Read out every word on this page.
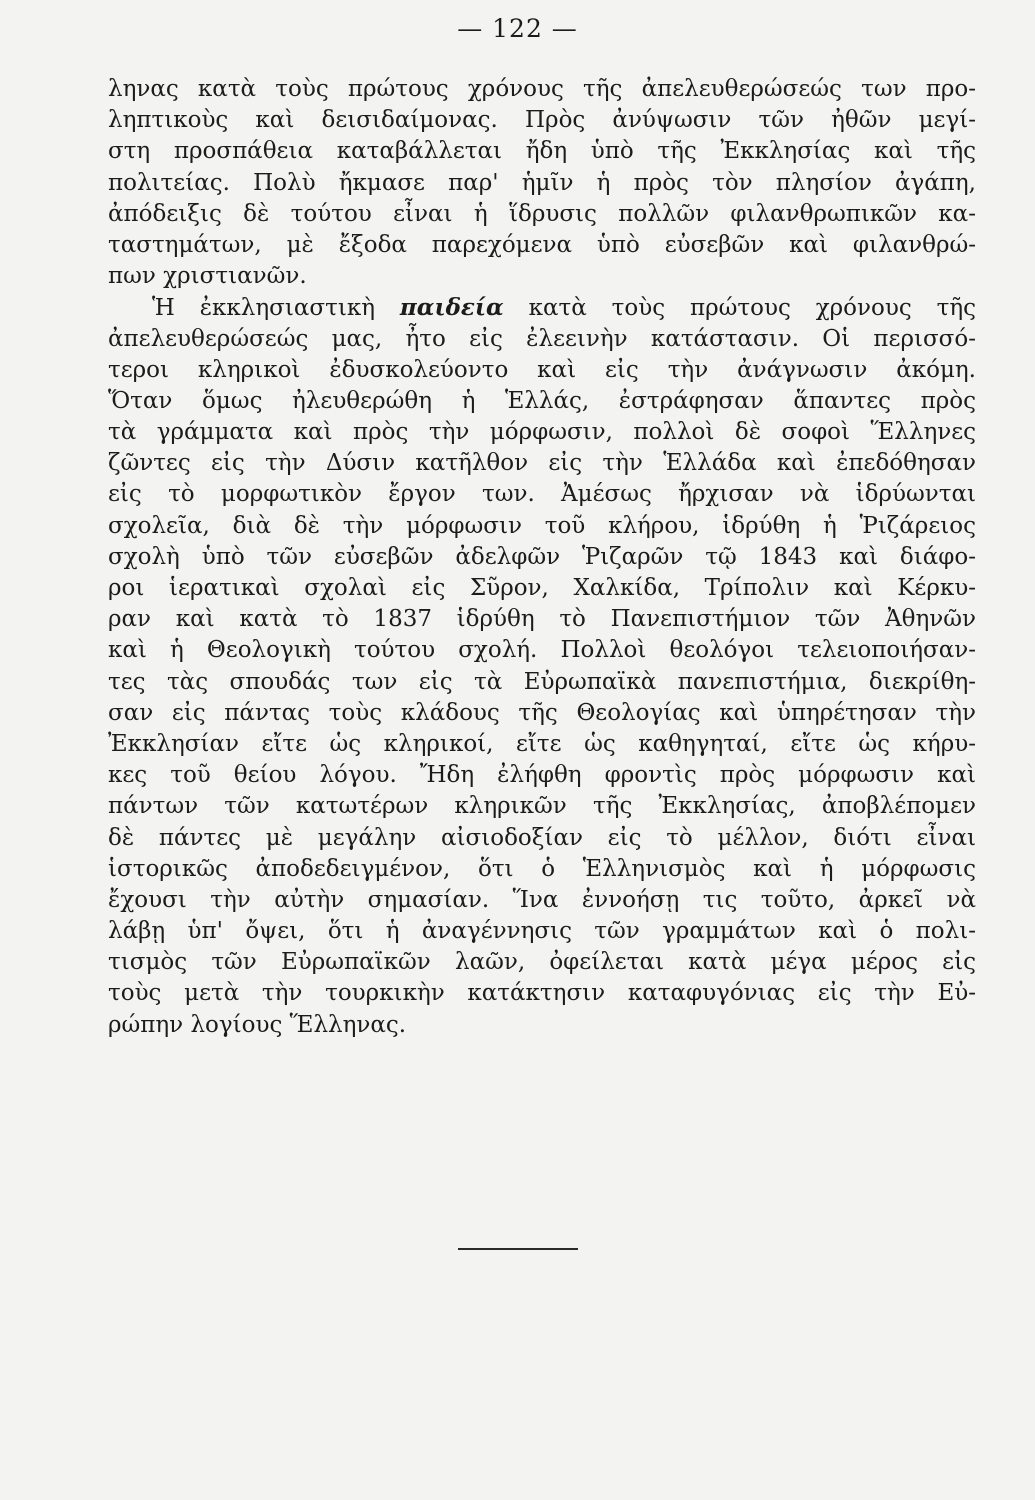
— 122 —
ληνας κατὰ τοὺς πρώτους χρόνους τῆς ἀπελευθερώσεώς των προ-
ληπτικοὺς καὶ δεισιδαίμονας. Πρὸς ἀνύψωσιν τῶν ἠθῶν μεγί-
στη προσπάθεια καταβάλλεται ἤδη ὑπὸ τῆς Ἐκκλησίας καὶ τῆς
πολιτείας. Πολὺ ἤκμασε παρ' ἡμῖν ἡ πρὸς τὸν πλησίον ἀγάπη,
ἀπόδειξις δὲ τούτου εἶναι ἡ ἵδρυσις πολλῶν φιλανθρωπικῶν κα-
ταστημάτων, μὲ ἔξοδα παρεχόμενα ὑπὸ εὐσεβῶν καὶ φιλανθρώ-
πων χριστιανῶν.
Ἡ ἐκκλησιαστικὴ παιδεία κατὰ τοὺς πρώτους χρόνους τῆς
ἀπελευθερώσεώς μας, ἦτο εἰς ἐλεεινὴν κατάστασιν. Οἱ περισσό-
τεροι κληρικοὶ ἐδυσκολεύοντο καὶ εἰς τὴν ἀνάγνωσιν ἀκόμη.
Ὅταν ὅμως ἠλευθερώθη ἡ Ἑλλάς, ἐστράφησαν ἅπαντες πρὸς
τὰ γράμματα καὶ πρὸς τὴν μόρφωσιν, πολλοὶ δὲ σοφοὶ Ἕλληνες
ζῶντες εἰς τὴν Δύσιν κατῆλθον εἰς τὴν Ἑλλάδα καὶ ἐπεδόθησαν
εἰς τὸ μορφωτικὸν ἔργον των. Ἀμέσως ἤρχισαν νὰ ἱδρύωνται
σχολεῖα, διὰ δὲ τὴν μόρφωσιν τοῦ κλήρου, ἱδρύθη ἡ Ῥιζάρειος
σχολὴ ὑπὸ τῶν εὐσεβῶν ἀδελφῶν Ῥιζαρῶν τῷ 1843 καὶ διάφο-
ροι ἱερατικαὶ σχολαὶ εἰς Σῦρον, Χαλκίδα, Τρίπολιν καὶ Κέρκυ-
ραν καὶ κατὰ τὸ 1837 ἱδρύθη τὸ Πανεπιστήμιον τῶν Ἀθηνῶν
καὶ ἡ Θεολογικὴ τούτου σχολή. Πολλοὶ θεολόγοι τελειοποιήσαν-
τες τὰς σπουδάς των εἰς τὰ Εὐρωπαϊκὰ πανεπιστήμια, διεκρίθη-
σαν εἰς πάντας τοὺς κλάδους τῆς Θεολογίας καὶ ὑπηρέτησαν τὴν
Ἐκκλησίαν εἴτε ὡς κληρικοί, εἴτε ὡς καθηγηταί, εἴτε ὡς κήρυ-
κες τοῦ θείου λόγου. Ἤδη ἐλήφθη φροντὶς πρὸς μόρφωσιν καὶ
πάντων τῶν κατωτέρων κληρικῶν τῆς Ἐκκλησίας, ἀποβλέπομεν
δὲ πάντες μὲ μεγάλην αἰσιοδοξίαν εἰς τὸ μέλλον, διότι εἶναι
ἱστορικῶς ἀποδεδειγμένον, ὅτι ὁ Ἑλληνισμὸς καὶ ἡ μόρφωσις
ἔχουσι τὴν αὐτὴν σημασίαν. Ἵνα ἐννοήσῃ τις τοῦτο, ἀρκεῖ νὰ
λάβῃ ὑπ' ὄψει, ὅτι ἡ ἀναγέννησις τῶν γραμμάτων καὶ ὁ πολι-
τισμὸς τῶν Εὐρωπαϊκῶν λαῶν, ὀφείλεται κατὰ μέγα μέρος εἰς
τοὺς μετὰ τὴν τουρκικὴν κατάκτησιν καταφυγόνιας εἰς τὴν Εὐ-
ρώπην λογίους Ἕλληνας.
